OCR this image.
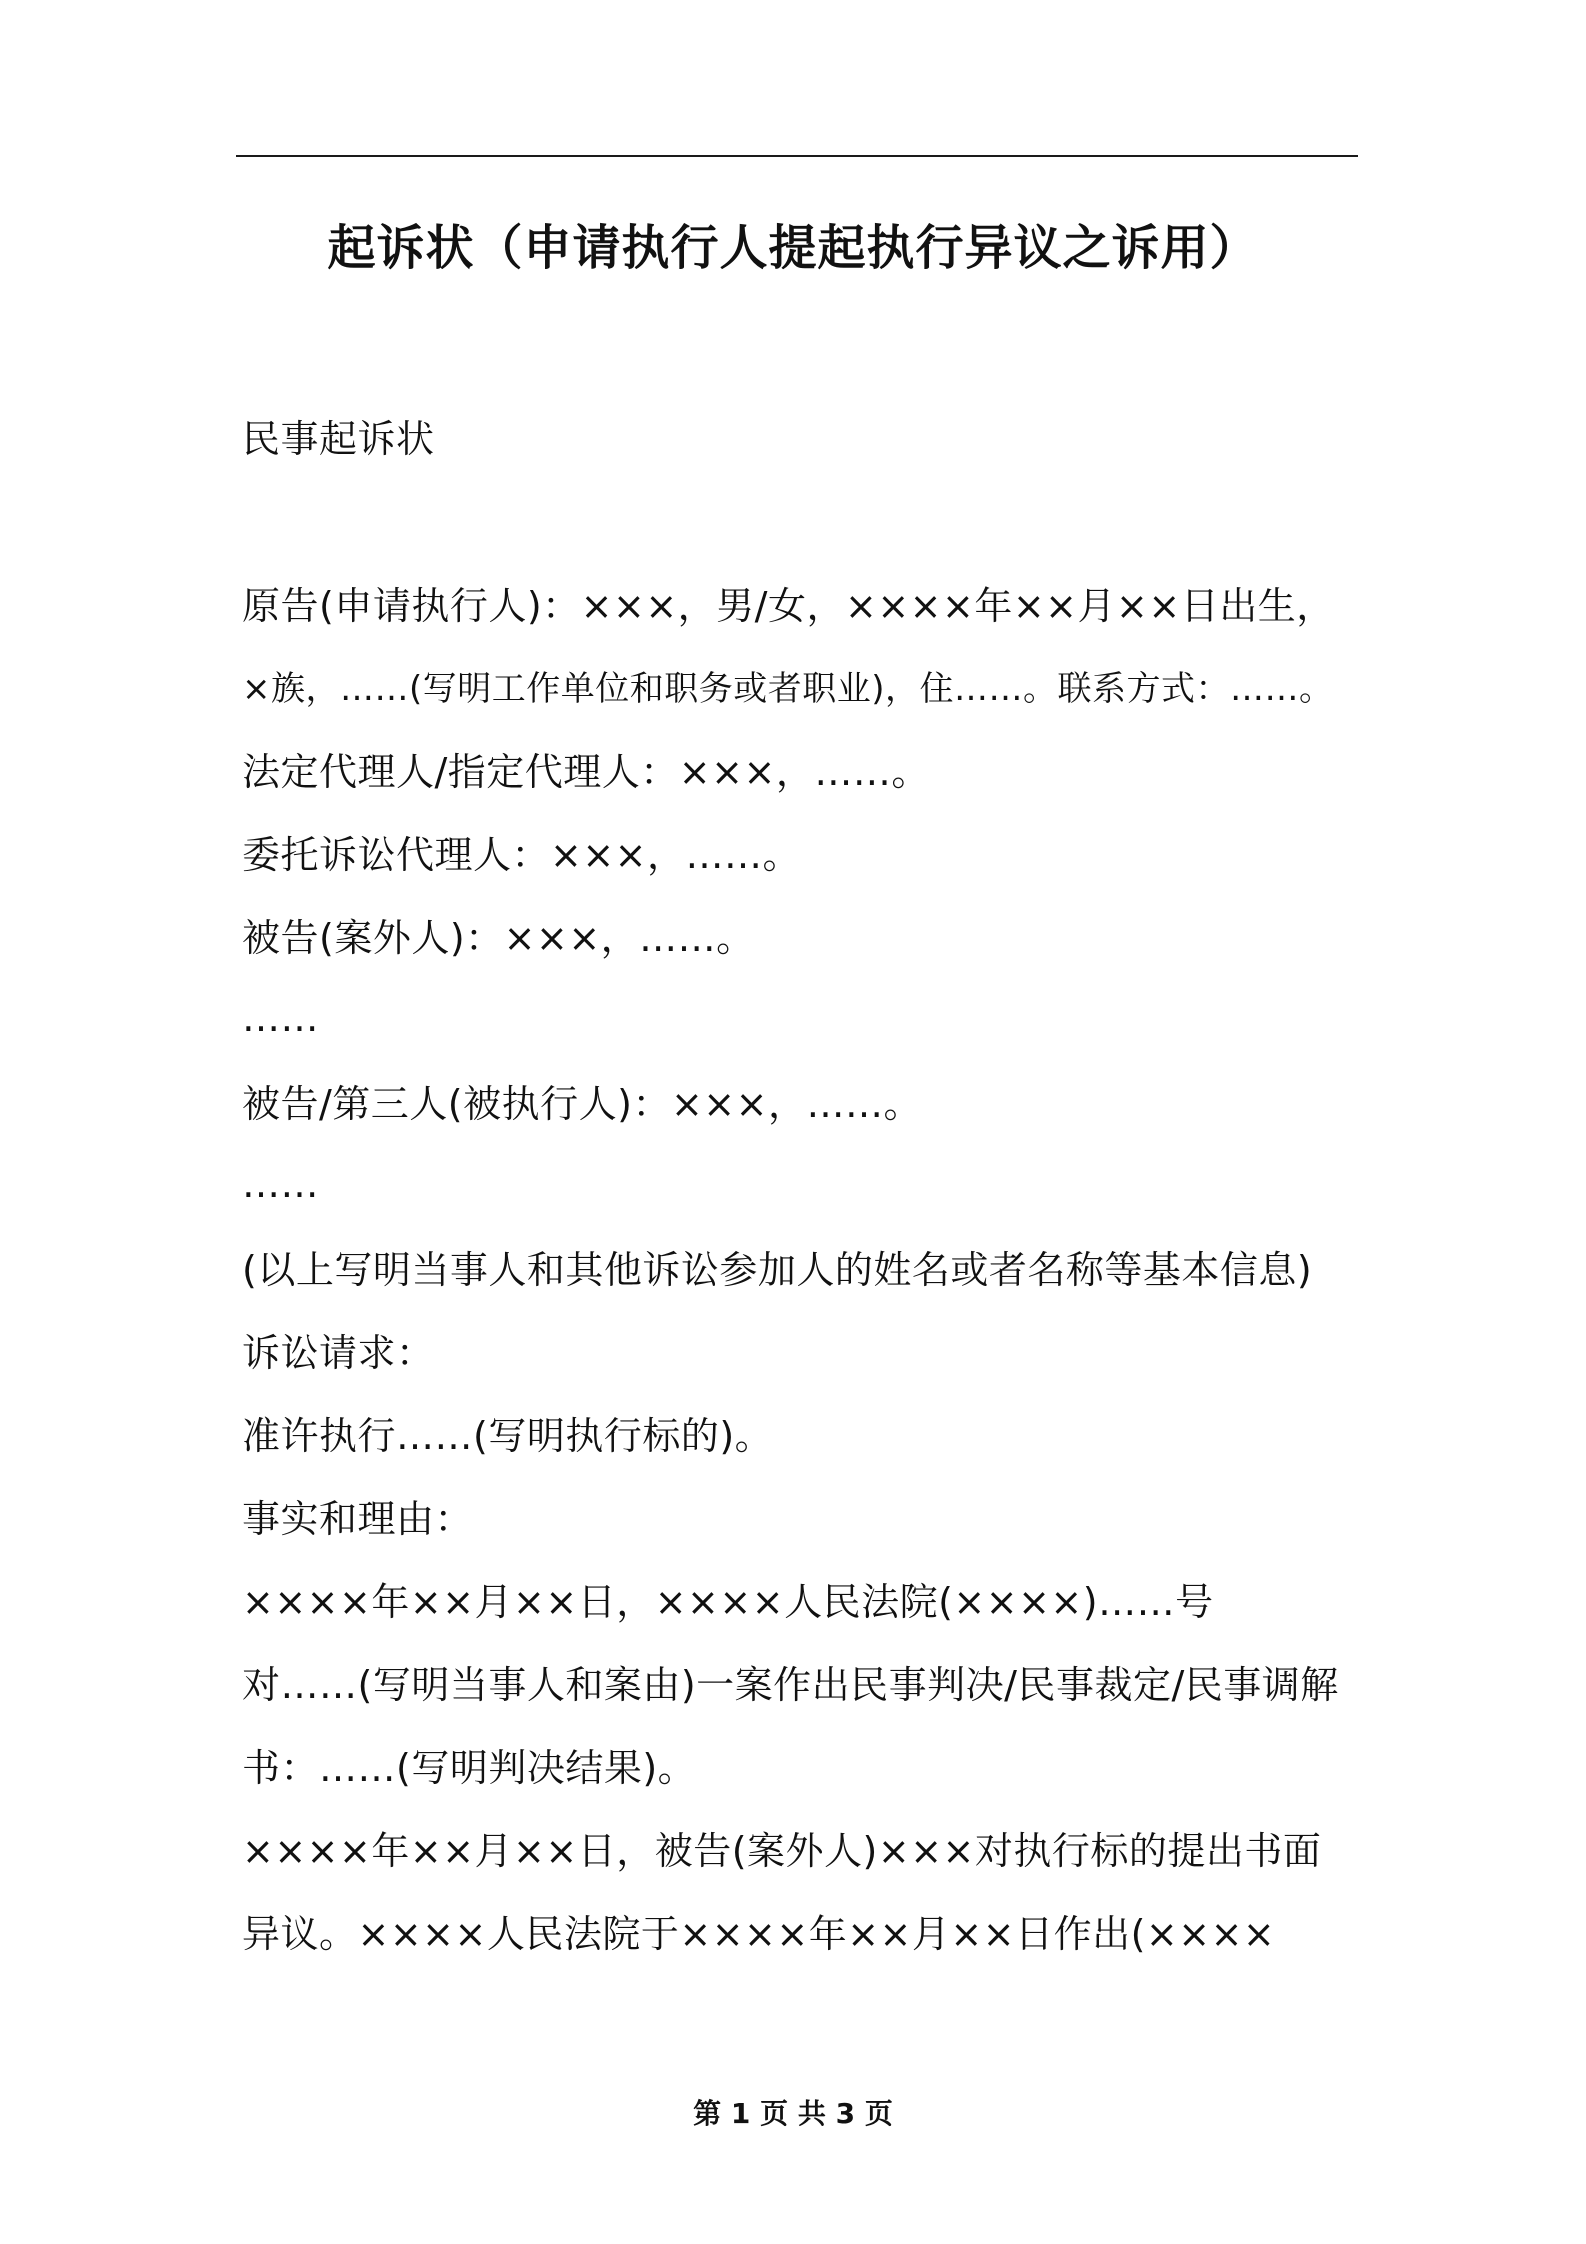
起诉状（申请执行人提起执行异议之诉用）

民事起诉状

原告(申请执行人)：×××，男/女，××××年××月××日出生，

×族，……(写明工作单位和职务或者职业)，住……。联系方式：……。

法定代理人/指定代理人：×××，……。

委托诉讼代理人：×××，……。

被告(案外人)：×××，……。

……

被告/第三人(被执行人)：×××，……。

……

(以上写明当事人和其他诉讼参加人的姓名或者名称等基本信息)

诉讼请求：

准许执行……(写明执行标的)。

事实和理由：

××××年××月××日，××××人民法院(××××)……号

对……(写明当事人和案由)一案作出民事判决/民事裁定/民事调解

书：……(写明判决结果)。

××××年××月××日，被告(案外人)×××对执行标的提出书面

异议。××××人民法院于××××年××月××日作出(××××

第 1 页 共 3 页
